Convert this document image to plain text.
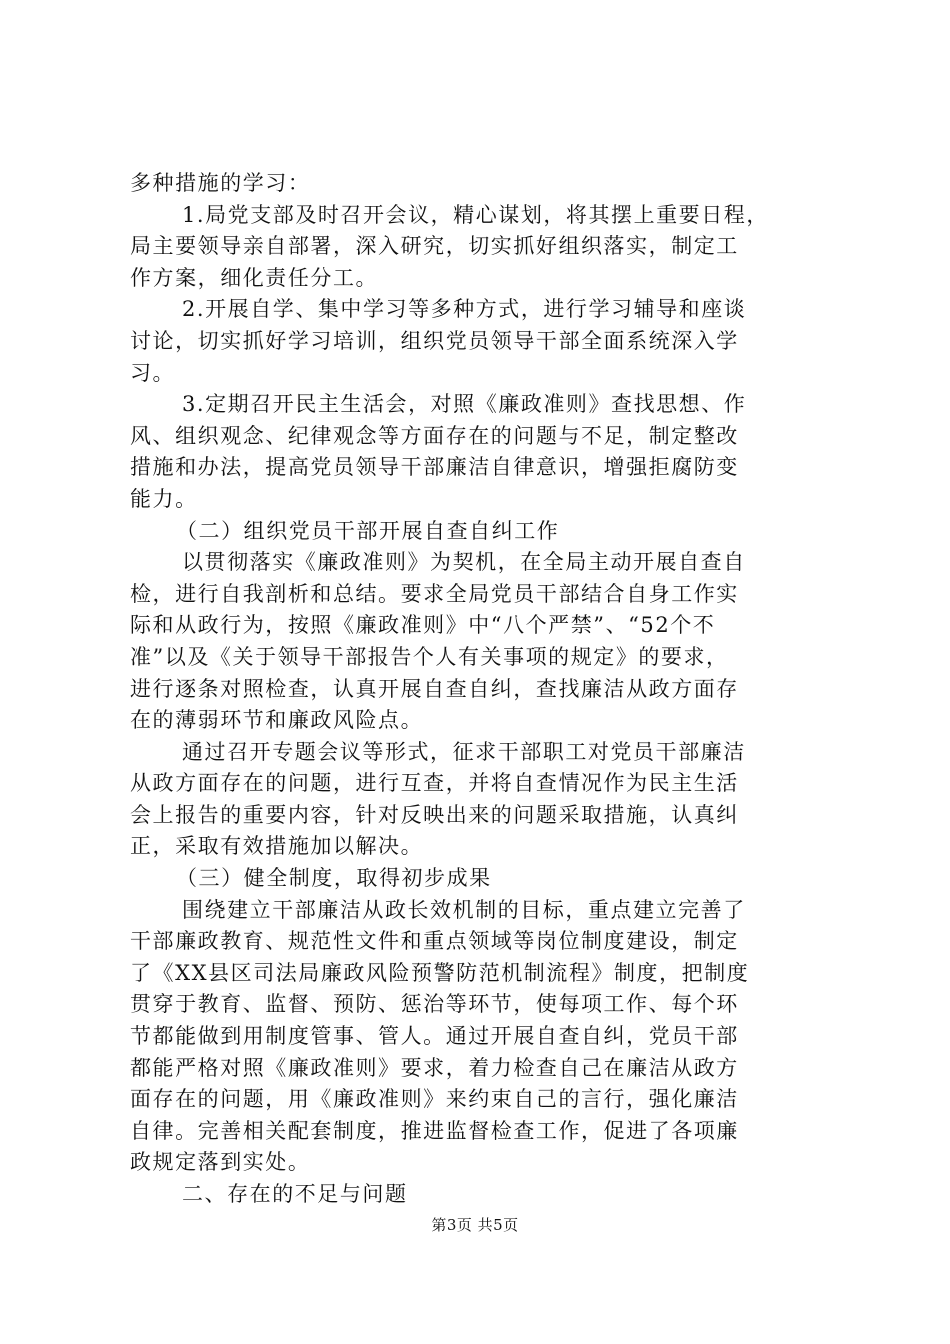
多种措施的学习：
1.局党支部及时召开会议，精心谋划，将其摆上重要日程，
局主要领导亲自部署，深入研究，切实抓好组织落实，制定工
作方案，细化责任分工。
2.开展自学、集中学习等多种方式，进行学习辅导和座谈
讨论，切实抓好学习培训，组织党员领导干部全面系统深入学
习。
3.定期召开民主生活会，对照《廉政准则》查找思想、作
风、组织观念、纪律观念等方面存在的问题与不足，制定整改
措施和办法，提高党员领导干部廉洁自律意识，增强拒腐防变
能力。
（二）组织党员干部开展自查自纠工作
以贯彻落实《廉政准则》为契机，在全局主动开展自查自
检，进行自我剖析和总结。要求全局党员干部结合自身工作实
际和从政行为，按照《廉政准则》中“八个严禁”、“52个不
准”以及《关于领导干部报告个人有关事项的规定》的要求，
进行逐条对照检查，认真开展自查自纠，查找廉洁从政方面存
在的薄弱环节和廉政风险点。
通过召开专题会议等形式，征求干部职工对党员干部廉洁
从政方面存在的问题，进行互查，并将自查情况作为民主生活
会上报告的重要内容，针对反映出来的问题采取措施，认真纠
正，采取有效措施加以解决。
（三）健全制度，取得初步成果
围绕建立干部廉洁从政长效机制的目标，重点建立完善了
干部廉政教育、规范性文件和重点领域等岗位制度建设，制定
了《XX县区司法局廉政风险预警防范机制流程》制度，把制度
贯穿于教育、监督、预防、惩治等环节，使每项工作、每个环
节都能做到用制度管事、管人。通过开展自查自纠，党员干部
都能严格对照《廉政准则》要求，着力检查自己在廉洁从政方
面存在的问题，用《廉政准则》来约束自己的言行，强化廉洁
自律。完善相关配套制度，推进监督检查工作，促进了各项廉
政规定落到实处。
二、存在的不足与问题
第3页 共5页
